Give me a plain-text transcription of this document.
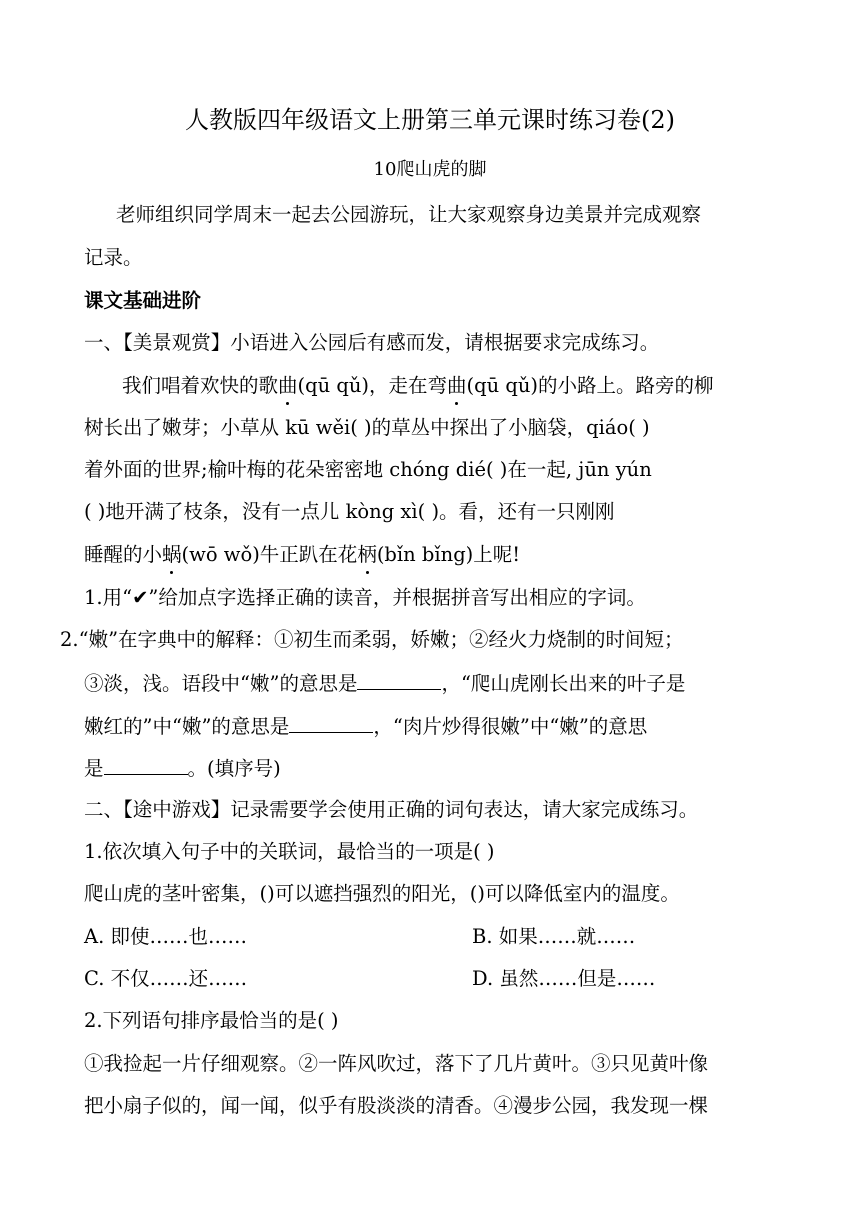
人教版四年级语文上册第三单元课时练习卷(2)
10爬山虎的脚
老师组织同学周末一起去公园游玩，让大家观察身边美景并完成观察
记录。
课文基础进阶
一、【美景观赏】小语进入公园后有感而发，请根据要求完成练习。
我们唱着欢快的歌曲(qū qǔ)，走在弯曲(qū qǔ)的小路上。路旁的柳
树长出了嫩芽；小草从 kū wěi( )的草丛中探出了小脑袋，qiáo( )
着外面的世界;榆叶梅的花朵密密地 chóng dié( )在一起, jūn yún
( )地开满了枝条，没有一点儿 kòng xì( )。看，还有一只刚刚
睡醒的小蜗(wō wǒ)牛正趴在花柄(bǐn bǐng)上呢!
1.用“✔”给加点字选择正确的读音，并根据拼音写出相应的字词。
2.“嫩”在字典中的解释：①初生而柔弱，娇嫩；②经火力烧制的时间短；
③淡，浅。语段中“嫩”的意思是	，“爬山虎刚长出来的叶子是
嫩红的”中“嫩”的意思是	，“肉片炒得很嫩”中“嫩”的意思
是	。(填序号)
二、【途中游戏】记录需要学会使用正确的词句表达，请大家完成练习。
1.依次填入句子中的关联词，最恰当的一项是( )
爬山虎的茎叶密集，()可以遮挡强烈的阳光，()可以降低室内的温度。
A. 即使……也……	B. 如果……就……
C. 不仅……还……	D. 虽然……但是……
2.下列语句排序最恰当的是( )
①我捡起一片仔细观察。②一阵风吹过，落下了几片黄叶。③只见黄叶像
把小扇子似的，闻一闻，似乎有股淡淡的清香。④漫步公园，我发现一棵
